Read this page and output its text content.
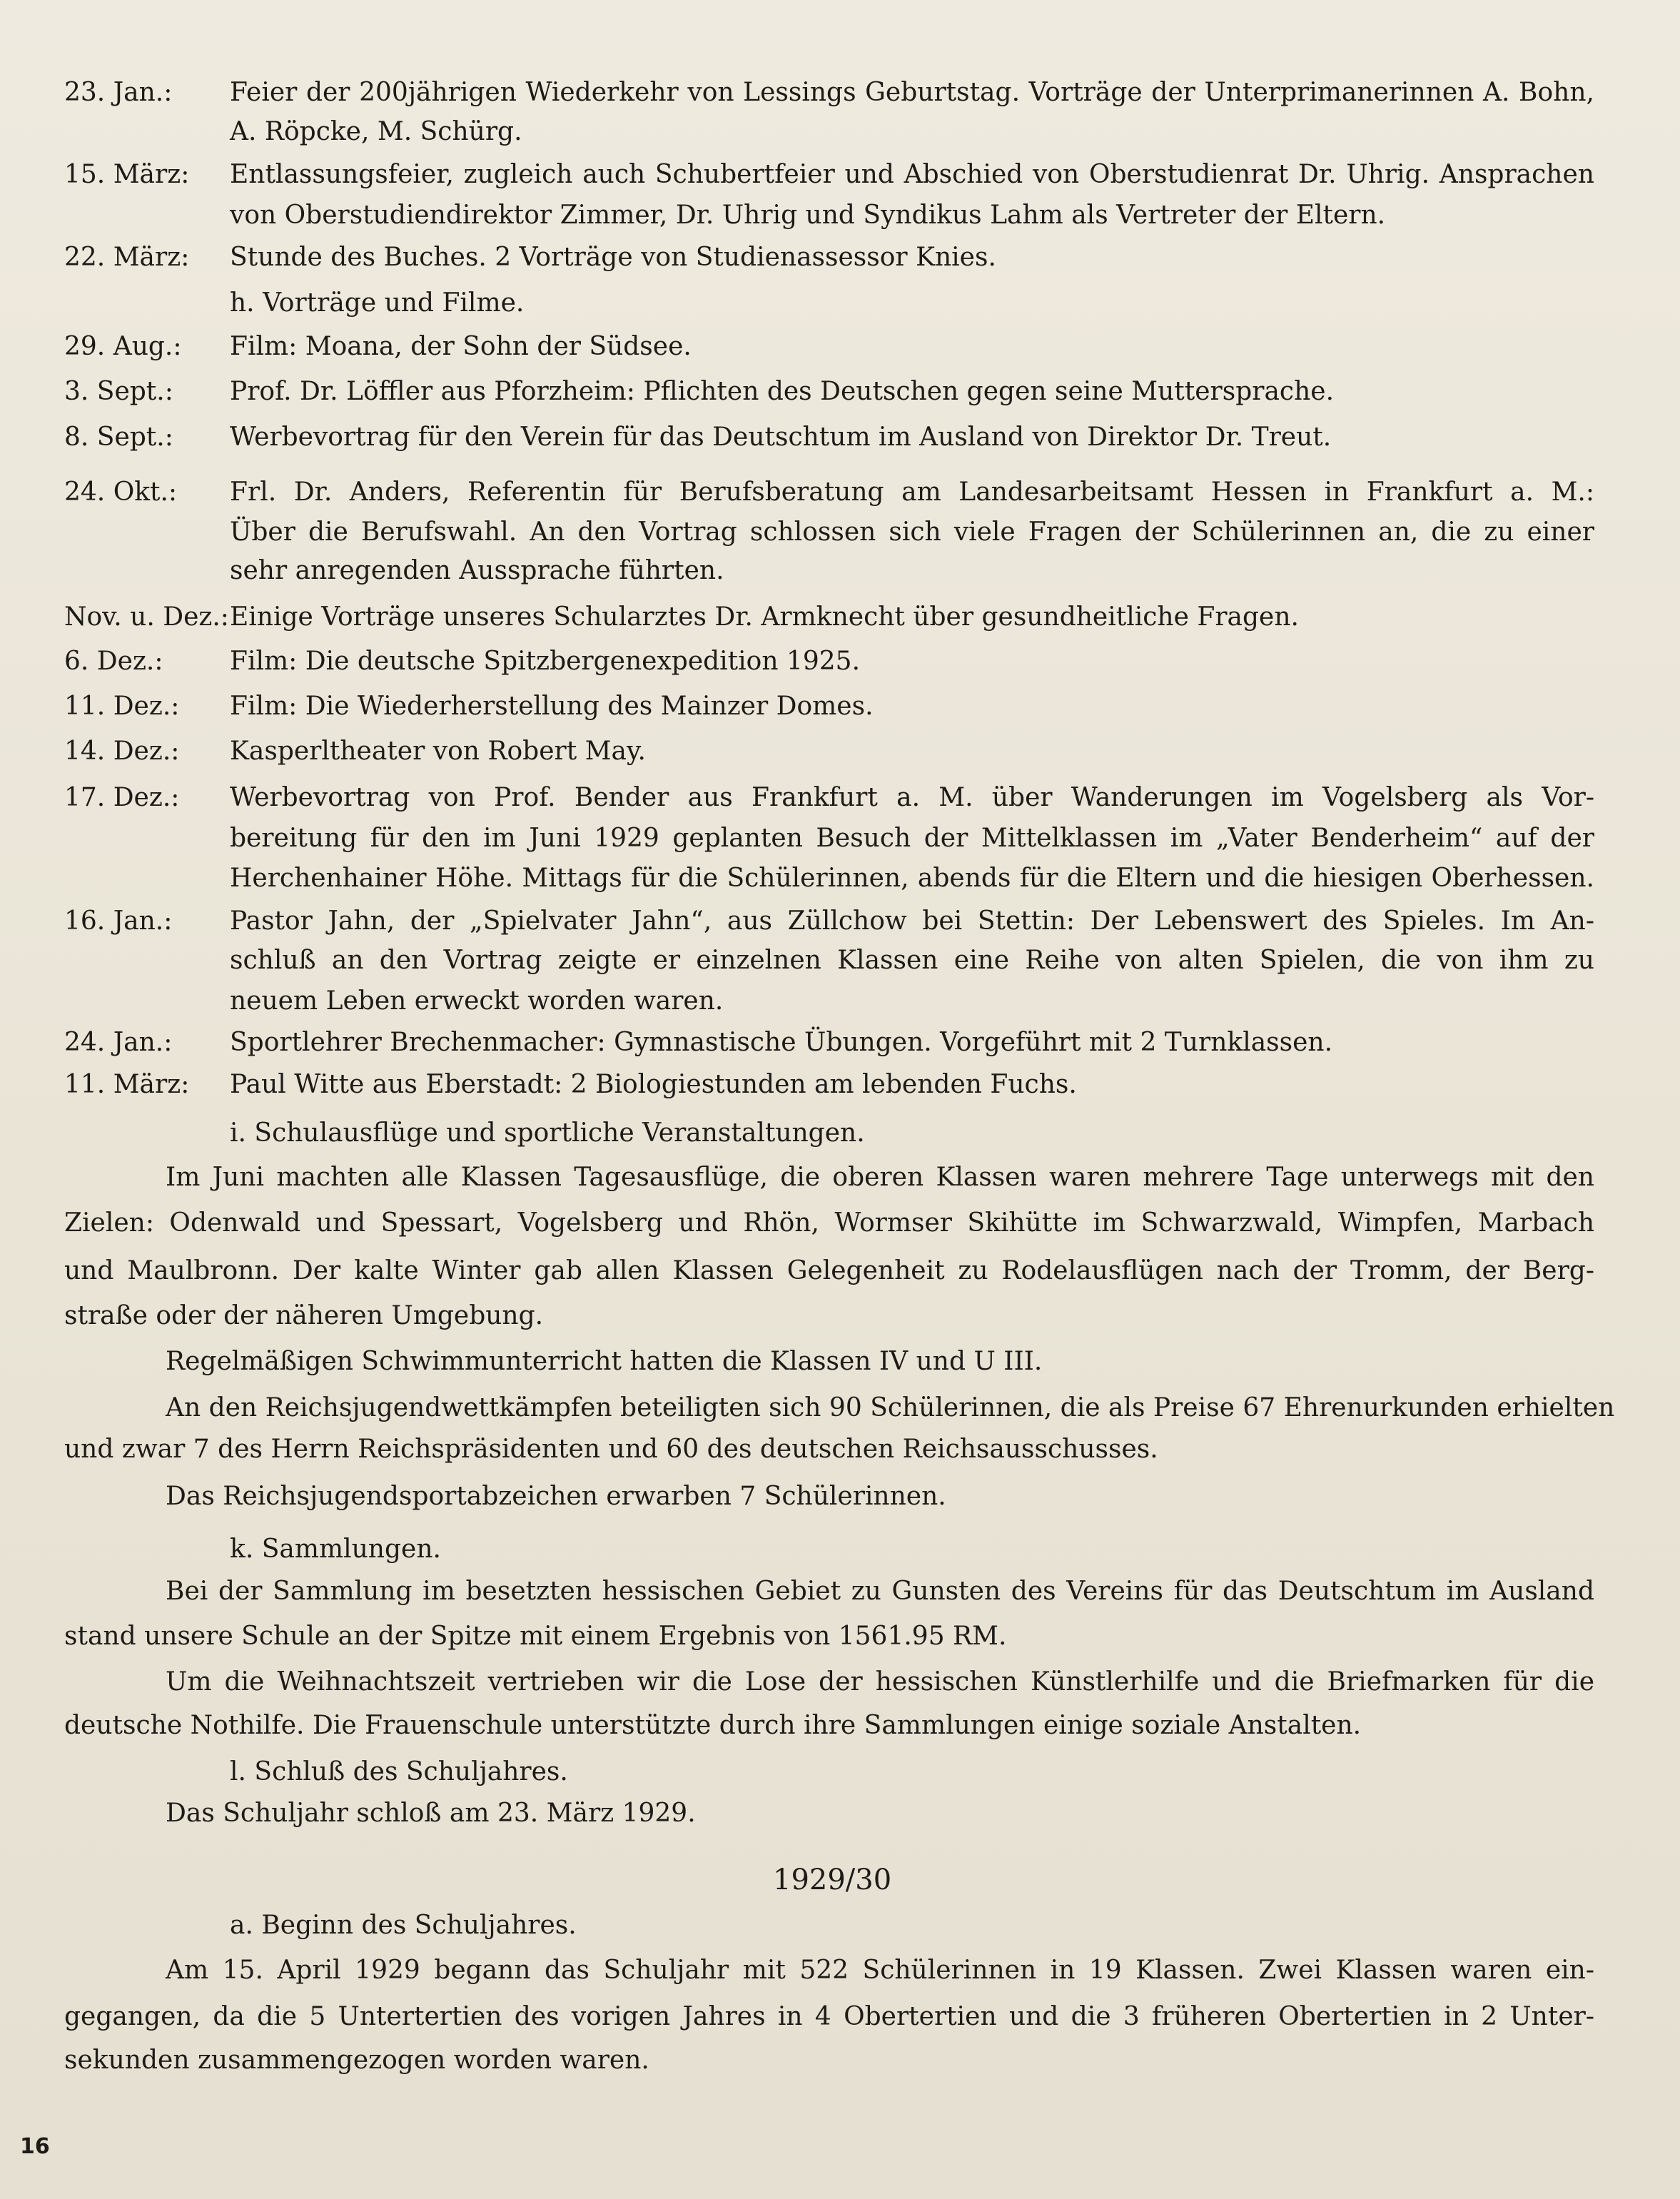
23. Jan.: Feier der 200jährigen Wiederkehr von Lessings Geburtstag. Vorträge der Unterprimanerinnen A. Bohn,
A. Röpcke, M. Schürg.
15. März: Entlassungsfeier, zugleich auch Schubertfeier und Abschied von Oberstudienrat Dr. Uhrig. Ansprachen
von Oberstudiendirektor Zimmer, Dr. Uhrig und Syndikus Lahm als Vertreter der Eltern.
22. März: Stunde des Buches. 2 Vorträge von Studienassessor Knies.
h. Vorträge und Filme.
29. Aug.: Film: Moana, der Sohn der Südsee.
3. Sept.: Prof. Dr. Löffler aus Pforzheim: Pflichten des Deutschen gegen seine Muttersprache.
8. Sept.: Werbevortrag für den Verein für das Deutschtum im Ausland von Direktor Dr. Treut.
24. Okt.: Frl. Dr. Anders, Referentin für Berufsberatung am Landesarbeitsamt Hessen in Frankfurt a. M.:
Über die Berufswahl. An den Vortrag schlossen sich viele Fragen der Schülerinnen an, die zu einer
sehr anregenden Aussprache führten.
Nov. u. Dez.: Einige Vorträge unseres Schularztes Dr. Armknecht über gesundheitliche Fragen.
6. Dez.:	Film: Die deutsche Spitzbergenexpedition 1925.
11. Dez.: Film: Die Wiederherstellung des Mainzer Domes.
14. Dez.: Kasperltheater von Robert May.
17. Dez.: Werbevortrag von Prof. Bender aus Frankfurt a. M. über Wanderungen im Vogelsberg als Vor-
bereitung für den im Juni 1929 geplanten Besuch der Mittelklassen im „Vater Benderheim“ auf der
Herchenhainer Höhe. Mittags für die Schülerinnen, abends für die Eltern und die hiesigen Oberhessen.
16. Jan.: Pastor Jahn, der „Spielvater Jahn“, aus Züllchow bei Stettin: Der Lebenswert des Spieles. Im An-
schluß an den Vortrag zeigte er einzelnen Klassen eine Reihe von alten Spielen, die von ihm zu
neuem Leben erweckt worden waren.
24. Jan.: Sportlehrer Brechenmacher: Gymnastische Übungen. Vorgeführt mit 2 Turnklassen.
11. März: Paul Witte aus Eberstadt: 2 Biologiestunden am lebenden Fuchs.
i. Schulausflüge und sportliche Veranstaltungen.
Im Juni machten alle Klassen Tagesausflüge, die oberen Klassen waren mehrere Tage unterwegs mit den
Zielen: Odenwald und Spessart, Vogelsberg und Rhön, Wormser Skihütte im Schwarzwald, Wimpfen, Marbach
und Maulbronn. Der kalte Winter gab allen Klassen Gelegenheit zu Rodelausflügen nach der Tromm, der Berg-
straße oder der näheren Umgebung.
Regelmäßigen Schwimmunterricht hatten die Klassen IV und U III.
An den Reichsjugendwettkämpfen beteiligten sich 90 Schülerinnen, die als Preise 67 Ehrenurkunden erhielten
und zwar 7 des Herrn Reichspräsidenten und 60 des deutschen Reichsausschusses.
Das Reichsjugendsportabzeichen erwarben 7 Schülerinnen.
k. Sammlungen.
Bei der Sammlung im besetzten hessischen Gebiet zu Gunsten des Vereins für das Deutschtum im Ausland
stand unsere Schule an der Spitze mit einem Ergebnis von 1561.95 RM.
Um die Weihnachtszeit vertrieben wir die Lose der hessischen Künstlerhilfe und die Briefmarken für die
deutsche Nothilfe. Die Frauenschule unterstützte durch ihre Sammlungen einige soziale Anstalten.
l. Schluß des Schuljahres.
Das Schuljahr schloß am 23. März 1929.
1929/30
a. Beginn des Schuljahres.
Am 15. April 1929 begann das Schuljahr mit 522 Schülerinnen in 19 Klassen. Zwei Klassen waren ein-
gegangen, da die 5 Untertertien des vorigen Jahres in 4 Obertertien und die 3 früheren Obertertien in 2 Unter-
sekunden zusammengezogen worden waren.
16
